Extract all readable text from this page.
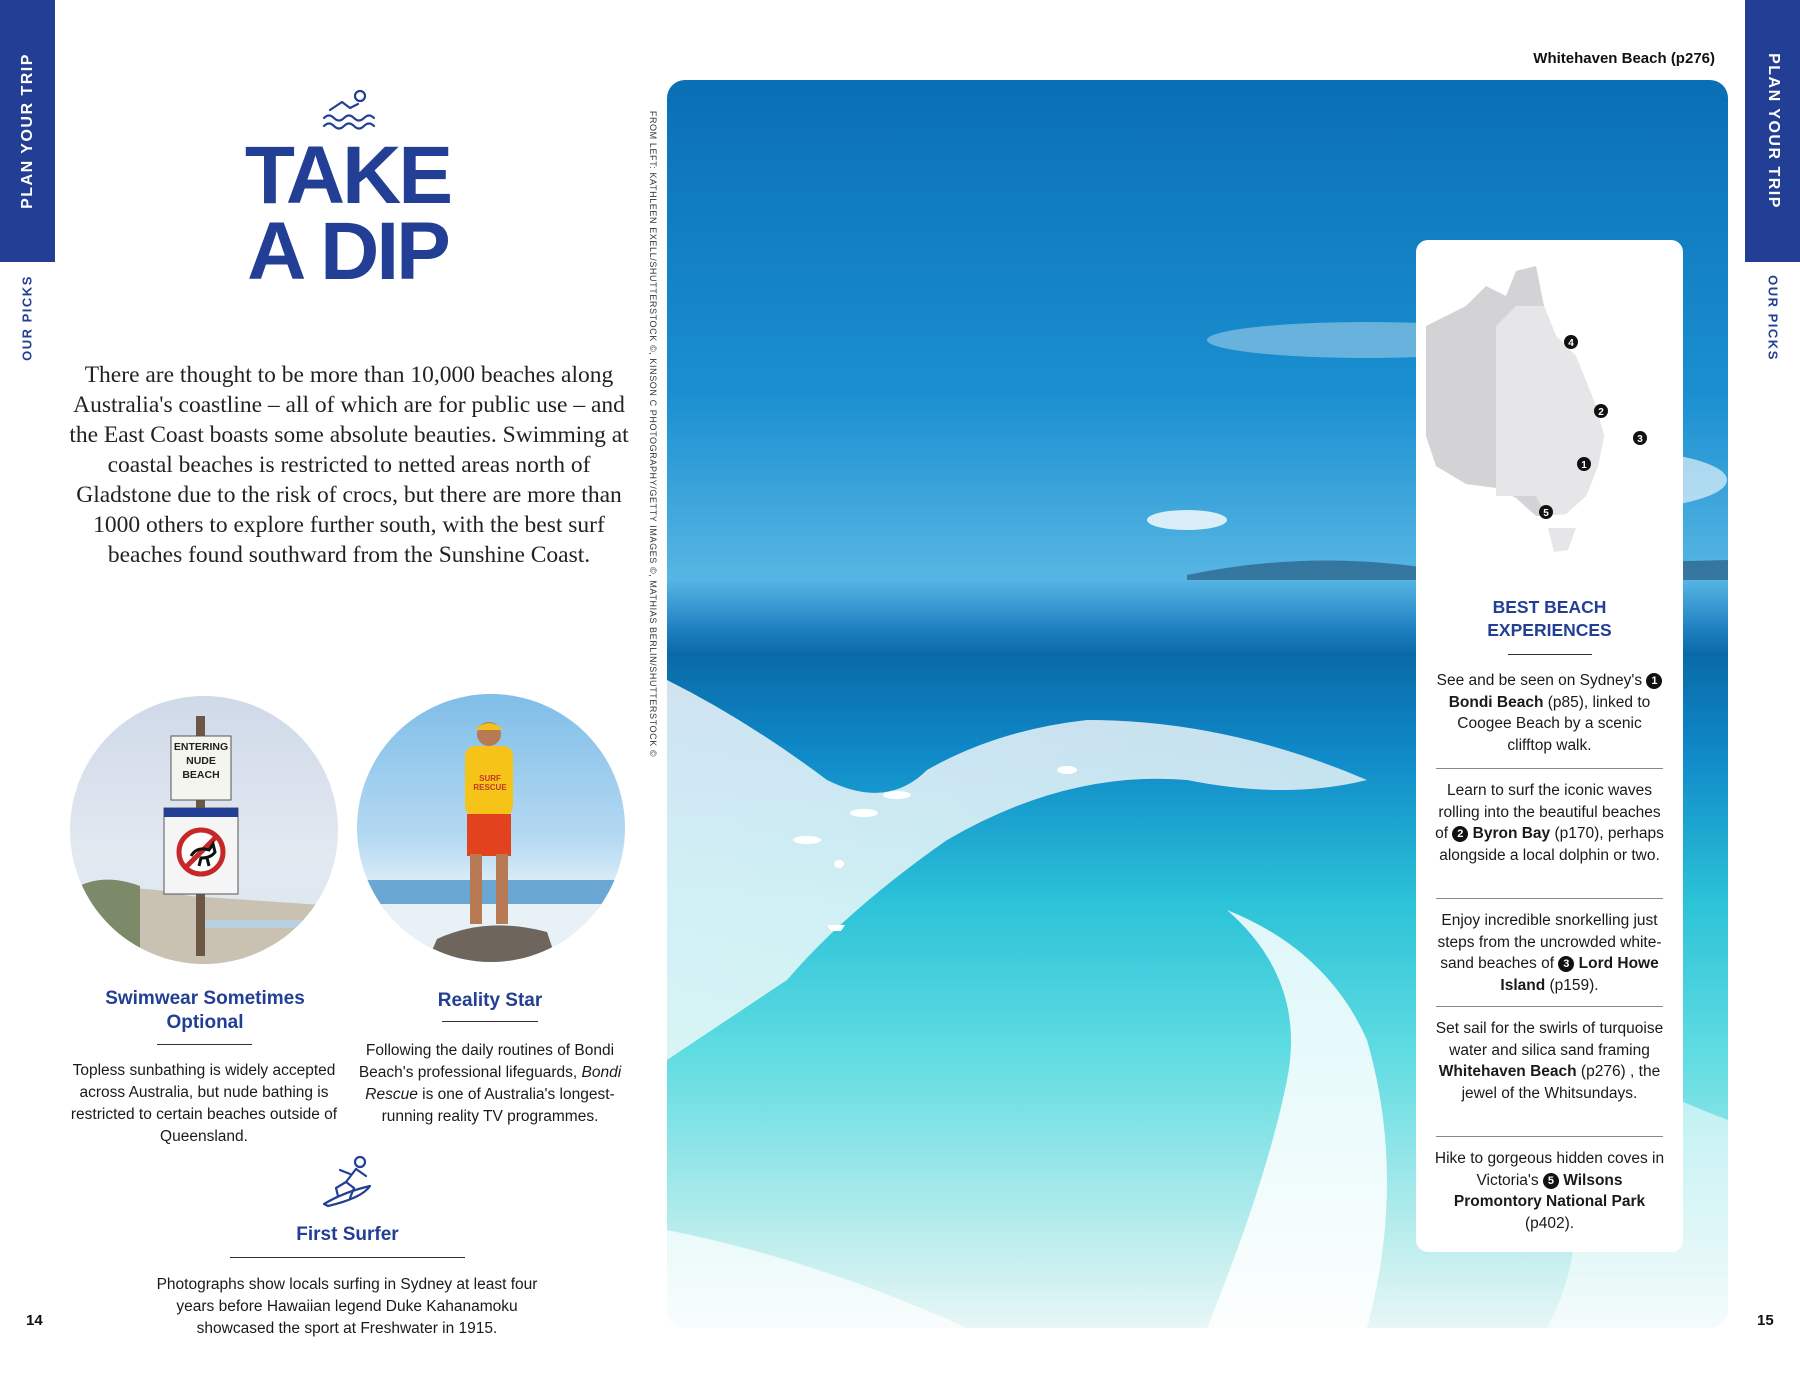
PLAN YOUR TRIP
OUR PICKS
PLAN YOUR TRIP
OUR PICKS
TAKE
A DIP
There are thought to be more than 10,000 beaches along Australia's coastline – all of which are for public use – and the East Coast boasts some absolute beauties. Swimming at coastal beaches is restricted to netted areas north of Gladstone due to the risk of crocs, but there are more than 1000 others to explore further south, with the best surf beaches found southward from the Sunshine Coast.
ENTERING
NUDE
BEACH	SURF RESCUE
Swimwear Sometimes Optional
Topless sunbathing is widely accepted across Australia, but nude bathing is restricted to certain beaches outside of Queensland.
Reality Star
Following the daily routines of Bondi Beach's professional lifeguards, Bondi Rescue is one of Australia's longest-running reality TV programmes.
First Surfer
Photographs show locals surfing in Sydney at least four years before Hawaiian legend Duke Kahanamoku showcased the sport at Freshwater in 1915.
14	15
FROM LEFT: KATHLEEN EXELL/SHUTTERSTOCK ©, KINSON C PHOTOGRAPHY/GETTY IMAGES ©, MATHIAS BERLIN/SHUTTERSTOCK ©
Whitehaven Beach (p276)
1
2
3
4
5
BEST BEACH
EXPERIENCES
See and be seen on Sydney's 1 Bondi Beach (p85), linked to Coogee Beach by a scenic clifftop walk.
Learn to surf the iconic waves rolling into the beautiful beaches of 2 Byron Bay (p170), perhaps alongside a local dolphin or two.
Enjoy incredible snorkelling just steps from the uncrowded white-sand beaches of 3 Lord Howe Island (p159).
Set sail for the swirls of turquoise water and silica sand framing Whitehaven Beach (p276) , the jewel of the Whitsundays.
Hike to gorgeous hidden coves in Victoria's 5 Wilsons Promontory National Park (p402).
